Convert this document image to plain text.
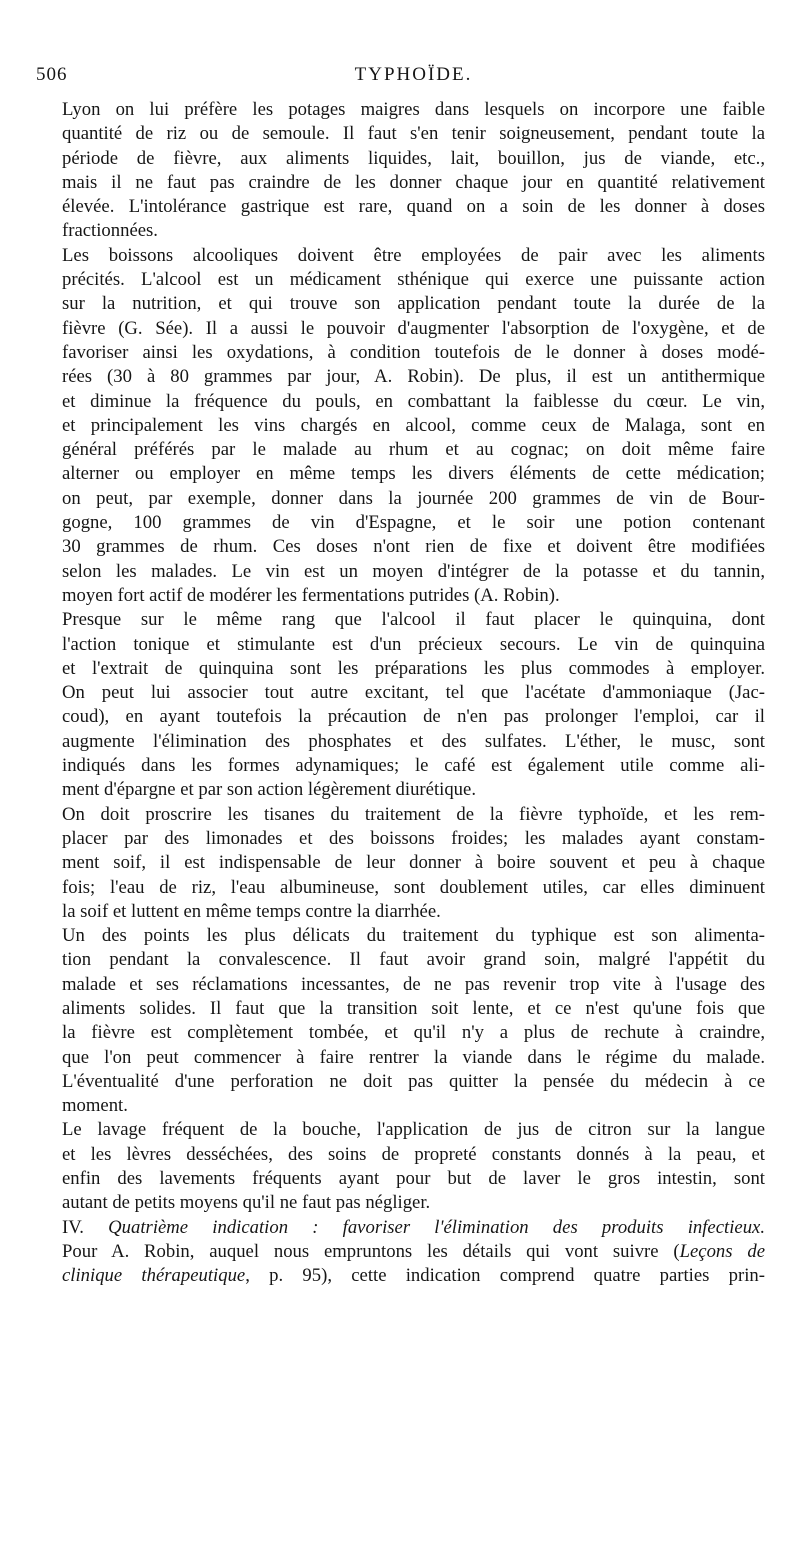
506	TYPHOÏDE.

Lyon on lui préfère les potages maigres dans lesquels on incorpore une faible
quantité de riz ou de semoule. Il faut s'en tenir soigneusement, pendant toute la
période de fièvre, aux aliments liquides, lait, bouillon, jus de viande, etc.,
mais il ne faut pas craindre de les donner chaque jour en quantité relativement
élevée. L'intolérance gastrique est rare, quand on a soin de les donner à doses
fractionnées.

Les boissons alcooliques doivent être employées de pair avec les aliments
précités. L'alcool est un médicament sthénique qui exerce une puissante action
sur la nutrition, et qui trouve son application pendant toute la durée de la
fièvre (G. Sée). Il a aussi le pouvoir d'augmenter l'absorption de l'oxygène, et de
favoriser ainsi les oxydations, à condition toutefois de le donner à doses modé-
rées (30 à 80 grammes par jour, A. Robin). De plus, il est un antithermique
et diminue la fréquence du pouls, en combattant la faiblesse du cœur. Le vin,
et principalement les vins chargés en alcool, comme ceux de Malaga, sont en
général préférés par le malade au rhum et au cognac; on doit même faire
alterner ou employer en même temps les divers éléments de cette médication;
on peut, par exemple, donner dans la journée 200 grammes de vin de Bour-
gogne, 100 grammes de vin d'Espagne, et le soir une potion contenant
30 grammes de rhum. Ces doses n'ont rien de fixe et doivent être modifiées
selon les malades. Le vin est un moyen d'intégrer de la potasse et du tannin,
moyen fort actif de modérer les fermentations putrides (A. Robin).

Presque sur le même rang que l'alcool il faut placer le quinquina, dont
l'action tonique et stimulante est d'un précieux secours. Le vin de quinquina
et l'extrait de quinquina sont les préparations les plus commodes à employer.
On peut lui associer tout autre excitant, tel que l'acétate d'ammoniaque (Jac-
coud), en ayant toutefois la précaution de n'en pas prolonger l'emploi, car il
augmente l'élimination des phosphates et des sulfates. L'éther, le musc, sont
indiqués dans les formes adynamiques; le café est également utile comme ali-
ment d'épargne et par son action légèrement diurétique.

On doit proscrire les tisanes du traitement de la fièvre typhoïde, et les rem-
placer par des limonades et des boissons froides; les malades ayant constam-
ment soif, il est indispensable de leur donner à boire souvent et peu à chaque
fois; l'eau de riz, l'eau albumineuse, sont doublement utiles, car elles diminuent
la soif et luttent en même temps contre la diarrhée.

Un des points les plus délicats du traitement du typhique est son alimenta-
tion pendant la convalescence. Il faut avoir grand soin, malgré l'appétit du
malade et ses réclamations incessantes, de ne pas revenir trop vite à l'usage des
aliments solides. Il faut que la transition soit lente, et ce n'est qu'une fois que
la fièvre est complètement tombée, et qu'il n'y a plus de rechute à craindre,
que l'on peut commencer à faire rentrer la viande dans le régime du malade.
L'éventualité d'une perforation ne doit pas quitter la pensée du médecin à ce
moment.

Le lavage fréquent de la bouche, l'application de jus de citron sur la langue
et les lèvres desséchées, des soins de propreté constants donnés à la peau, et
enfin des lavements fréquents ayant pour but de laver le gros intestin, sont
autant de petits moyens qu'il ne faut pas négliger.

IV. Quatrième indication : favoriser l'élimination des produits infectieux.
Pour A. Robin, auquel nous empruntons les détails qui vont suivre (Leçons de
clinique thérapeutique, p. 95), cette indication comprend quatre parties prin-
